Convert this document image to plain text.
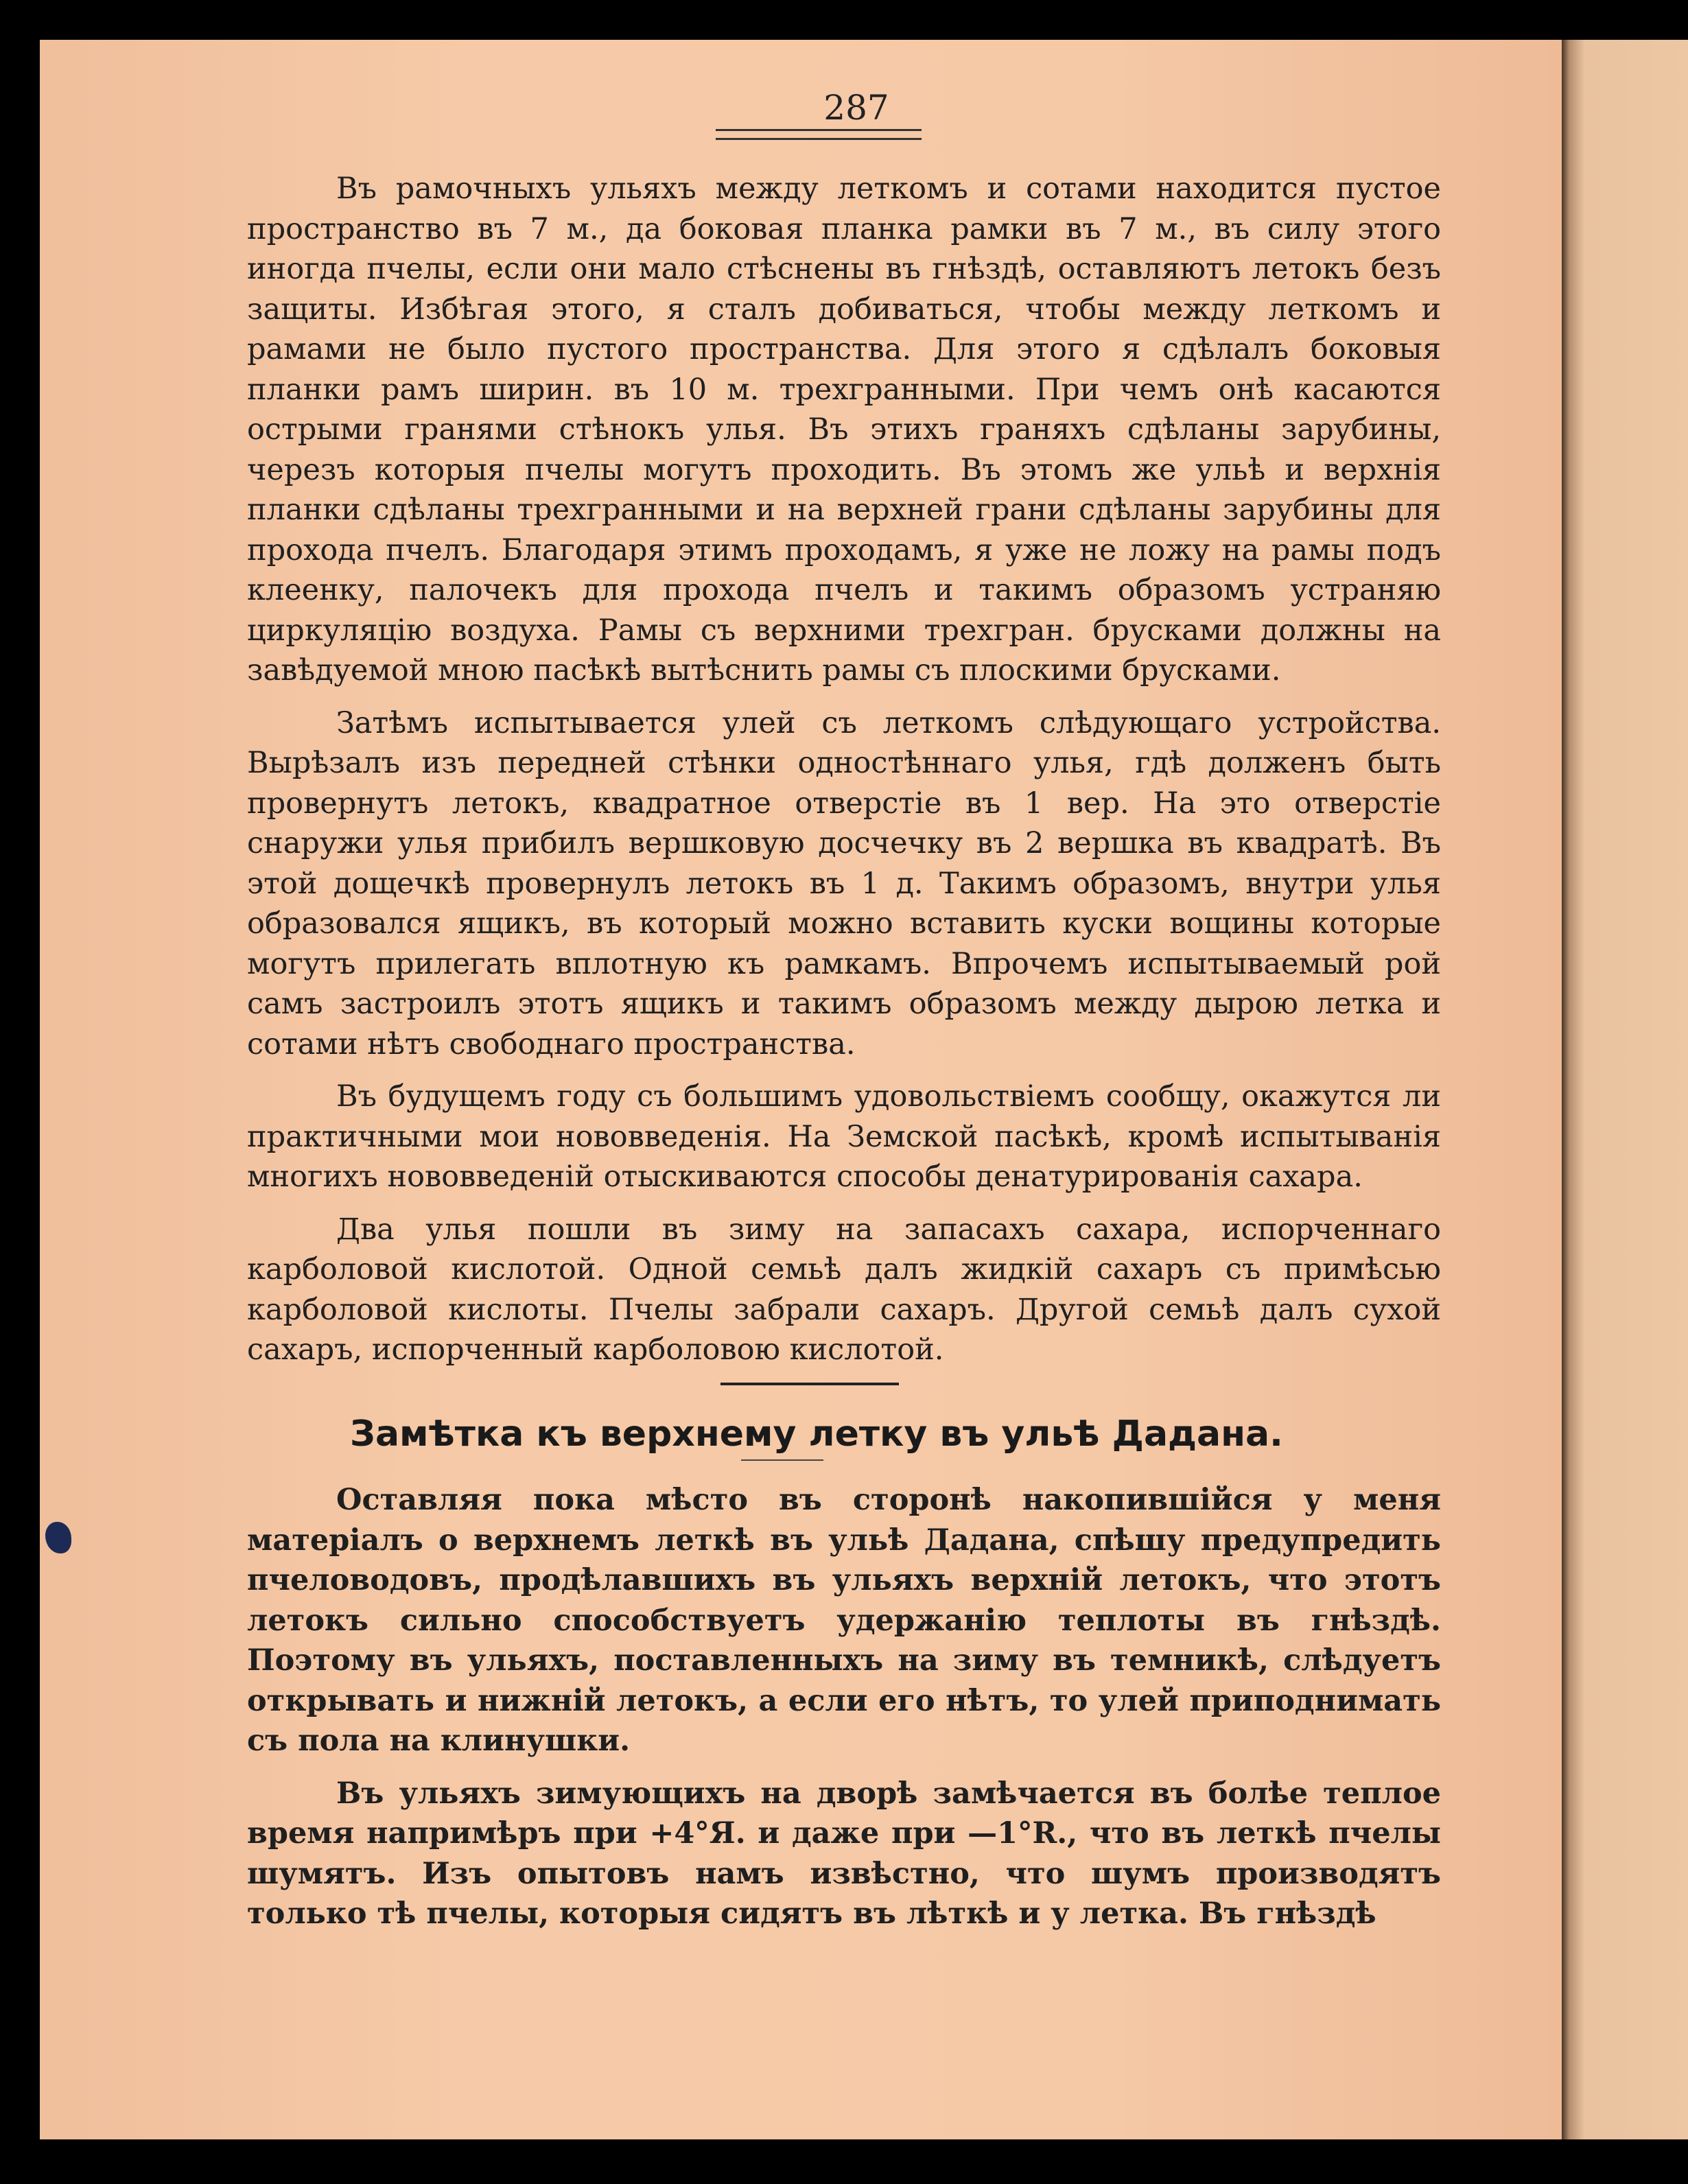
287

Въ рамочныхъ ульяхъ между леткомъ и сотами находится пустое пространство въ 7 м., да боковая планка рамки въ 7 м., въ силу этого иногда пчелы, если они мало стѣснены въ гнѣздѣ, оставляютъ летокъ безъ защиты. Избѣгая этого, я сталъ добиваться, чтобы между леткомъ и рамами не было пустого пространства. Для этого я сдѣлалъ боковыя планки рамъ ширин. въ 10 м. трехгранными. При чемъ онѣ касаются острыми гранями стѣнокъ улья. Въ этихъ граняхъ сдѣланы зарубины, черезъ которыя пчелы могутъ проходить. Въ этомъ же ульѣ и верхнія планки сдѣланы трехгранными и на верхней грани сдѣланы зарубины для прохода пчелъ. Благодаря этимъ проходамъ, я уже не ложу на рамы подъ клеенку, палочекъ для прохода пчелъ и такимъ образомъ устраняю циркуляцію воздуха. Рамы съ верхними трехгран. брусками должны на завѣдуемой мною пасѣкѣ вытѣснить рамы съ плоскими брусками.

Затѣмъ испытывается улей съ леткомъ слѣдующаго устройства. Вырѣзалъ изъ передней стѣнки одностѣннаго улья, гдѣ долженъ быть провернутъ летокъ, квадратное отверстіе въ 1 вер. На это отверстіе снаружи улья прибилъ вершковую досчечку въ 2 вершка въ квадратѣ. Въ этой дощечкѣ провернулъ летокъ въ 1 д. Такимъ образомъ, внутри улья образовался ящикъ, въ который можно вставить куски вощины которые могутъ прилегать вплотную къ рамкамъ. Впрочемъ испытываемый рой самъ застроилъ этотъ ящикъ и такимъ образомъ между дырою летка и сотами нѣтъ свободнаго пространства.

Въ будущемъ году съ большимъ удовольствіемъ сообщу, окажутся ли практичными мои нововведенія. На Земской пасѣкѣ, кромѣ испытыванія многихъ нововведеній отыскиваются способы денатурированія сахара.

Два улья пошли въ зиму на запасахъ сахара, испорченнаго карболовой кислотой. Одной семьѣ далъ жидкій сахаръ съ примѣсью карболовой кислоты. Пчелы забрали сахаръ. Другой семьѣ далъ сухой сахаръ, испорченный карболовою кислотой.

Замѣтка къ верхнему летку въ ульѣ Дадана.

Оставляя пока мѣсто въ сторонѣ накопившійся у меня матеріалъ о верхнемъ леткѣ въ ульѣ Дадана, спѣшу предупредить пчеловодовъ, продѣлавшихъ въ ульяхъ верхній летокъ, что этотъ летокъ сильно способствуетъ удержанію теплоты въ гнѣздѣ. Поэтому въ ульяхъ, поставленныхъ на зиму въ темникѣ, слѣдуетъ открывать и нижній летокъ, а если его нѣтъ, то улей приподнимать съ пола на клинушки.

Въ ульяхъ зимующихъ на дворѣ замѣчается въ болѣе теплое время напримѣръ при +4°Я. и даже при —1°R., что въ леткѣ пчелы шумятъ. Изъ опытовъ намъ извѣстно, что шумъ производятъ только тѣ пчелы, которыя сидятъ въ лѣткѣ и у летка. Въ гнѣздѣ
